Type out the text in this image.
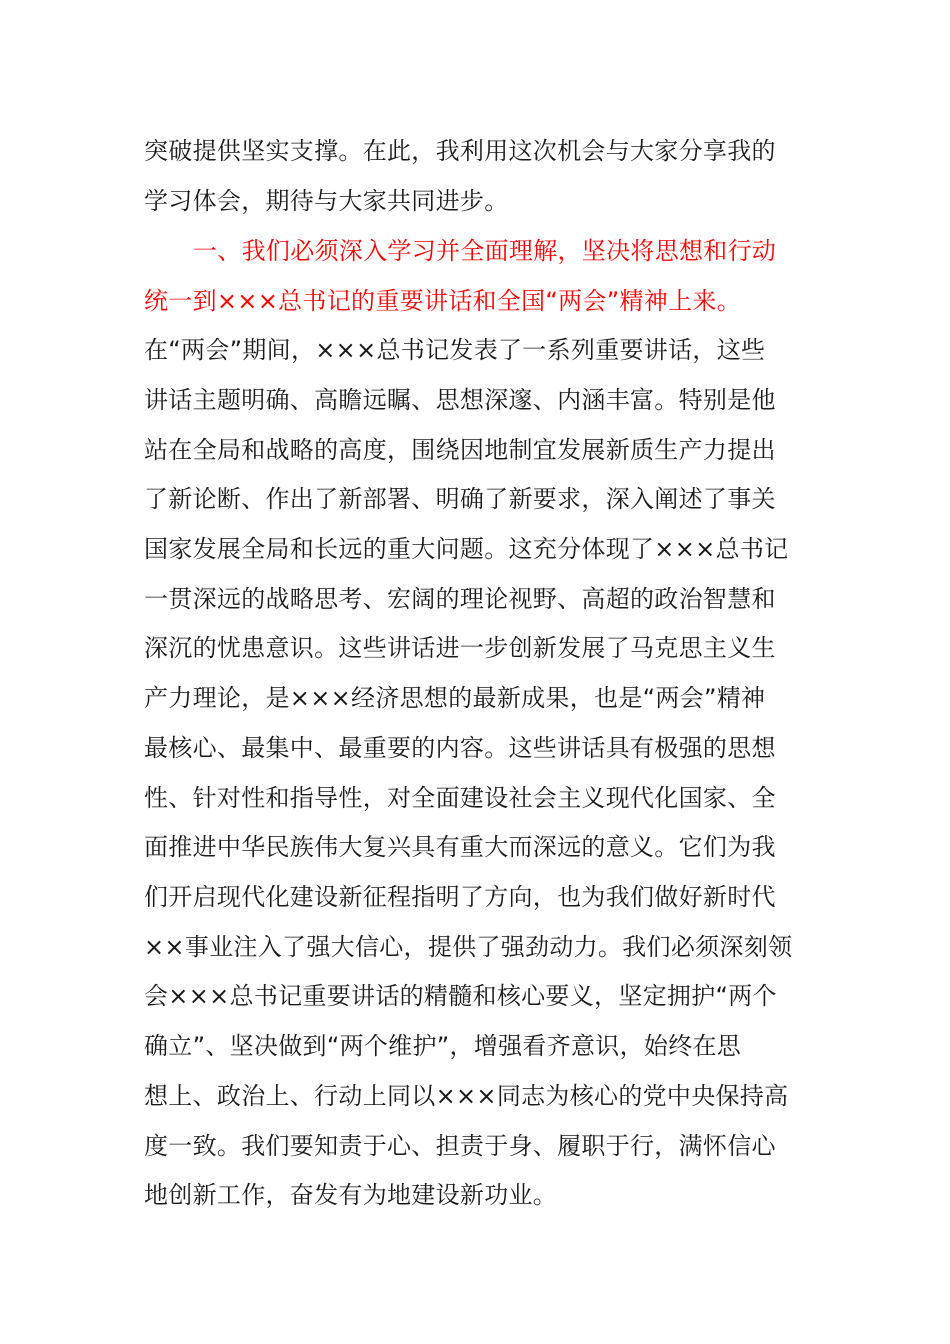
突破提供坚实支撑。在此，我利用这次机会与大家分享我的
学习体会，期待与大家共同进步。
一、我们必须深入学习并全面理解，坚决将思想和行动
统一到×××总书记的重要讲话和全国“两会”精神上来。
在“两会”期间，×××总书记发表了一系列重要讲话，这些
讲话主题明确、高瞻远瞩、思想深邃、内涵丰富。特别是他
站在全局和战略的高度，围绕因地制宜发展新质生产力提出
了新论断、作出了新部署、明确了新要求，深入阐述了事关
国家发展全局和长远的重大问题。这充分体现了×××总书记
一贯深远的战略思考、宏阔的理论视野、高超的政治智慧和
深沉的忧患意识。这些讲话进一步创新发展了马克思主义生
产力理论，是×××经济思想的最新成果，也是“两会”精神
最核心、最集中、最重要的内容。这些讲话具有极强的思想
性、针对性和指导性，对全面建设社会主义现代化国家、全
面推进中华民族伟大复兴具有重大而深远的意义。它们为我
们开启现代化建设新征程指明了方向，也为我们做好新时代
××事业注入了强大信心，提供了强劲动力。我们必须深刻领
会×××总书记重要讲话的精髓和核心要义，坚定拥护“两个
确立”、坚决做到“两个维护”，增强看齐意识，始终在思
想上、政治上、行动上同以×××同志为核心的党中央保持高
度一致。我们要知责于心、担责于身、履职于行，满怀信心
地创新工作，奋发有为地建设新功业。
